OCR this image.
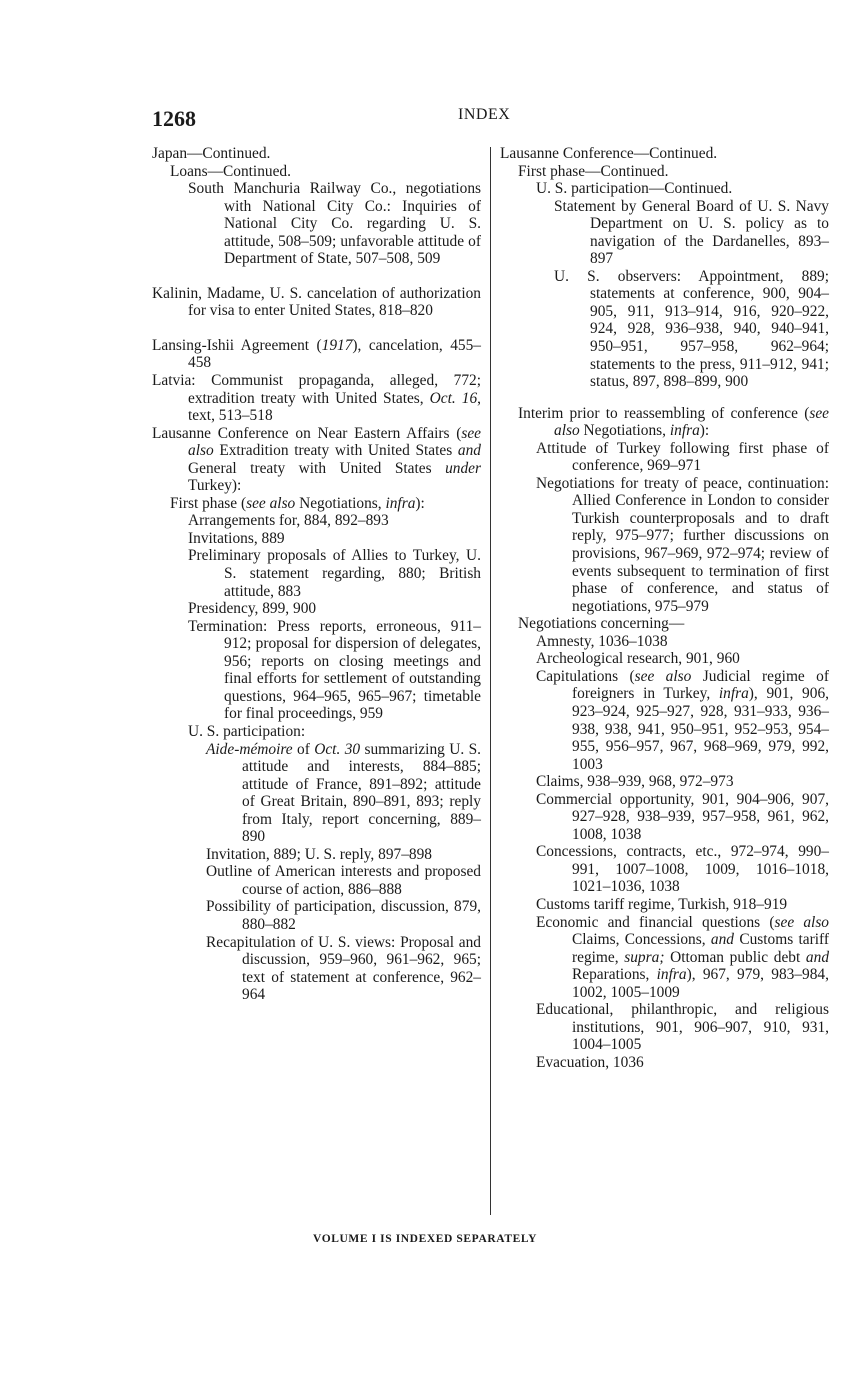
1268	INDEX
Japan—Continued.
Loans—Continued.
South Manchuria Railway Co., negotiations with National City Co.: Inquiries of National City Co. regarding U. S. attitude, 508–509; unfavorable attitude of Department of State, 507–508, 509
Kalinin, Madame, U. S. cancelation of authorization for visa to enter United States, 818–820
Lansing-Ishii Agreement (1917), cancelation, 455–458
Latvia: Communist propaganda, alleged, 772; extradition treaty with United States, Oct. 16, text, 513–518
Lausanne Conference on Near Eastern Affairs (see also Extradition treaty with United States and General treaty with United States under Turkey):
First phase (see also Negotiations, infra):
Arrangements for, 884, 892–893
Invitations, 889
Preliminary proposals of Allies to Turkey, U. S. statement regarding, 880; British attitude, 883
Presidency, 899, 900
Termination: Press reports, erroneous, 911–912; proposal for dispersion of delegates, 956; reports on closing meetings and final efforts for settlement of outstanding questions, 964–965, 965–967; timetable for final proceedings, 959
U. S. participation:
Aide-mémoire of Oct. 30 summarizing U. S. attitude and interests, 884–885; attitude of France, 891–892; attitude of Great Britain, 890–891, 893; reply from Italy, report concerning, 889–890
Invitation, 889; U. S. reply, 897–898
Outline of American interests and proposed course of action, 886–888
Possibility of participation, discussion, 879, 880–882
Recapitulation of U. S. views: Proposal and discussion, 959–960, 961–962, 965; text of statement at conference, 962–964
Lausanne Conference—Continued.
First phase—Continued.
U. S. participation—Continued.
Statement by General Board of U. S. Navy Department on U. S. policy as to navigation of the Dardanelles, 893–897
U. S. observers: Appointment, 889; statements at conference, 900, 904–905, 911, 913–914, 916, 920–922, 924, 928, 936–938, 940, 940–941, 950–951, 957–958, 962–964; statements to the press, 911–912, 941; status, 897, 898–899, 900
Interim prior to reassembling of conference (see also Negotiations, infra):
Attitude of Turkey following first phase of conference, 969–971
Negotiations for treaty of peace, continuation: Allied Conference in London to consider Turkish counterproposals and to draft reply, 975–977; further discussions on provisions, 967–969, 972–974; review of events subsequent to termination of first phase of conference, and status of negotiations, 975–979
Negotiations concerning—
Amnesty, 1036–1038
Archeological research, 901, 960
Capitulations (see also Judicial regime of foreigners in Turkey, infra), 901, 906, 923–924, 925–927, 928, 931–933, 936–938, 938, 941, 950–951, 952–953, 954–955, 956–957, 967, 968–969, 979, 992, 1003
Claims, 938–939, 968, 972–973
Commercial opportunity, 901, 904–906, 907, 927–928, 938–939, 957–958, 961, 962, 1008, 1038
Concessions, contracts, etc., 972–974, 990–991, 1007–1008, 1009, 1016–1018, 1021–1036, 1038
Customs tariff regime, Turkish, 918–919
Economic and financial questions (see also Claims, Concessions, and Customs tariff regime, supra; Ottoman public debt and Reparations, infra), 967, 979, 983–984, 1002, 1005–1009
Educational, philanthropic, and religious institutions, 901, 906–907, 910, 931, 1004–1005
Evacuation, 1036
VOLUME I IS INDEXED SEPARATELY
